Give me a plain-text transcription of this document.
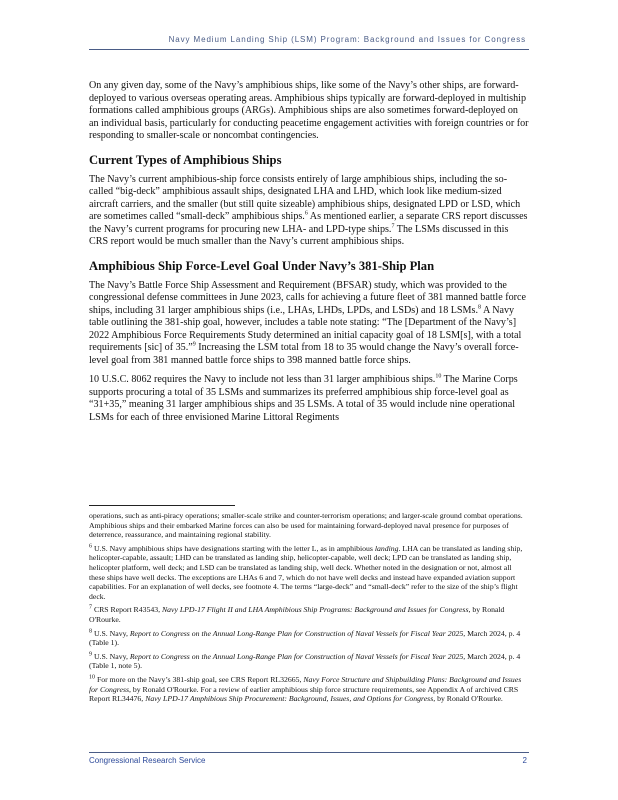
Navy Medium Landing Ship (LSM) Program: Background and Issues for Congress

On any given day, some of the Navy’s amphibious ships, like some of the Navy’s other ships, are forward-deployed to various overseas operating areas. Amphibious ships typically are forward-deployed in multiship formations called amphibious groups (ARGs). Amphibious ships are also sometimes forward-deployed on an individual basis, particularly for conducting peacetime engagement activities with foreign countries or for responding to smaller-scale or noncombat contingencies.

Current Types of Amphibious Ships

The Navy’s current amphibious-ship force consists entirely of large amphibious ships, including the so-called “big-deck” amphibious assault ships, designated LHA and LHD, which look like medium-sized aircraft carriers, and the smaller (but still quite sizeable) amphibious ships, designated LPD or LSD, which are sometimes called “small-deck” amphibious ships.$^6$ As mentioned earlier, a separate CRS report discusses the Navy’s current programs for procuring new LHA- and LPD-type ships.$^7$ The LSMs discussed in this CRS report would be much smaller than the Navy’s current amphibious ships.

Amphibious Ship Force-Level Goal Under Navy’s 381-Ship Plan

The Navy’s Battle Force Ship Assessment and Requirement (BFSAR) study, which was provided to the congressional defense committees in June 2023, calls for achieving a future fleet of 381 manned battle force ships, including 31 larger amphibious ships (i.e., LHAs, LHDs, LPDs, and LSDs) and 18 LSMs.$^8$ A Navy table outlining the 381-ship goal, however, includes a table note stating: “The [Department of the Navy’s] 2022 Amphibious Force Requirements Study determined an initial capacity goal of 18 LSM[s], with a total requirements [sic] of 35.”$^9$ Increasing the LSM total from 18 to 35 would change the Navy’s overall force-level goal from 381 manned battle force ships to 398 manned battle force ships.

10 U.S.C. 8062 requires the Navy to include not less than 31 larger amphibious ships.$^{10}$ The Marine Corps supports procuring a total of 35 LSMs and summarizes its preferred amphibious ship force-level goal as “31+35,” meaning 31 larger amphibious ships and 35 LSMs. A total of 35 would include nine operational LSMs for each of three envisioned Marine Littoral Regiments

operations, such as anti-piracy operations; smaller-scale strike and counter-terrorism operations; and larger-scale ground combat operations. Amphibious ships and their embarked Marine forces can also be used for maintaining forward-deployed naval presence for purposes of deterrence, reassurance, and maintaining regional stability.

$^6$ U.S. Navy amphibious ships have designations starting with the letter L, as in amphibious landing. LHA can be translated as landing ship, helicopter-capable, assault; LHD can be translated as landing ship, helicopter-capable, well deck; LPD can be translated as landing ship, helicopter platform, well deck; and LSD can be translated as landing ship, well deck. Whether noted in the designation or not, almost all these ships have well decks. The exceptions are LHAs 6 and 7, which do not have well decks and instead have expanded aviation support capabilities. For an explanation of well decks, see footnote 4. The terms “large-deck” and “small-deck” refer to the size of the ship’s flight deck.

$^7$ CRS Report R43543, Navy LPD-17 Flight II and LHA Amphibious Ship Programs: Background and Issues for Congress, by Ronald O'Rourke.

$^8$ U.S. Navy, Report to Congress on the Annual Long-Range Plan for Construction of Naval Vessels for Fiscal Year 2025, March 2024, p. 4 (Table 1).

$^9$ U.S. Navy, Report to Congress on the Annual Long-Range Plan for Construction of Naval Vessels for Fiscal Year 2025, March 2024, p. 4 (Table 1, note 5).

$^{10}$ For more on the Navy’s 381-ship goal, see CRS Report RL32665, Navy Force Structure and Shipbuilding Plans: Background and Issues for Congress, by Ronald O'Rourke. For a review of earlier amphibious ship force structure requirements, see Appendix A of archived CRS Report RL34476, Navy LPD-17 Amphibious Ship Procurement: Background, Issues, and Options for Congress, by Ronald O'Rourke.

Congressional Research Service	2
